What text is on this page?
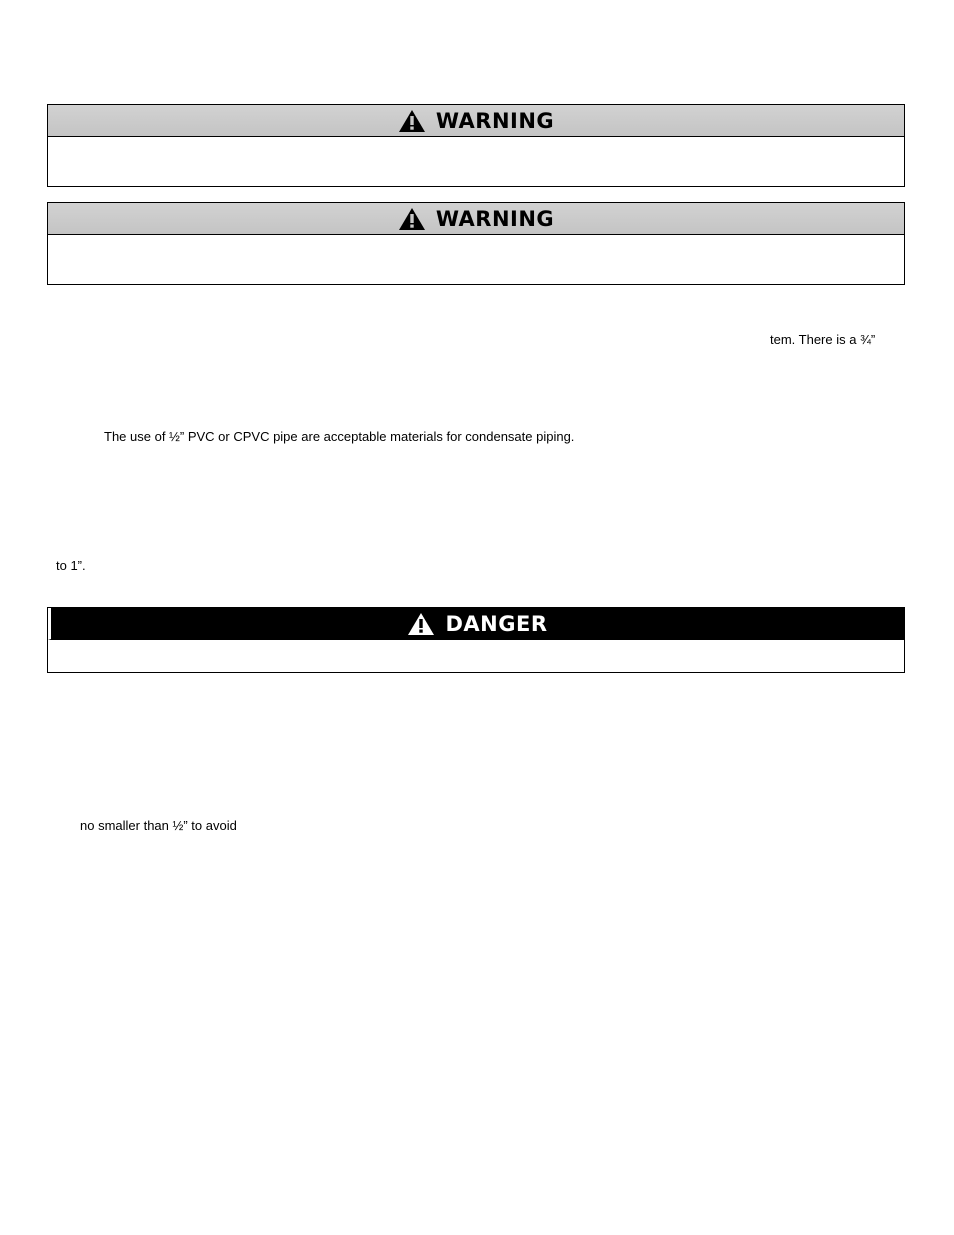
WARNING
WARNING
tem. There is a ¾”
The use of ½” PVC or CPVC pipe are acceptable materials for condensate piping.
to 1”.
DANGER
no smaller than ½” to avoid
